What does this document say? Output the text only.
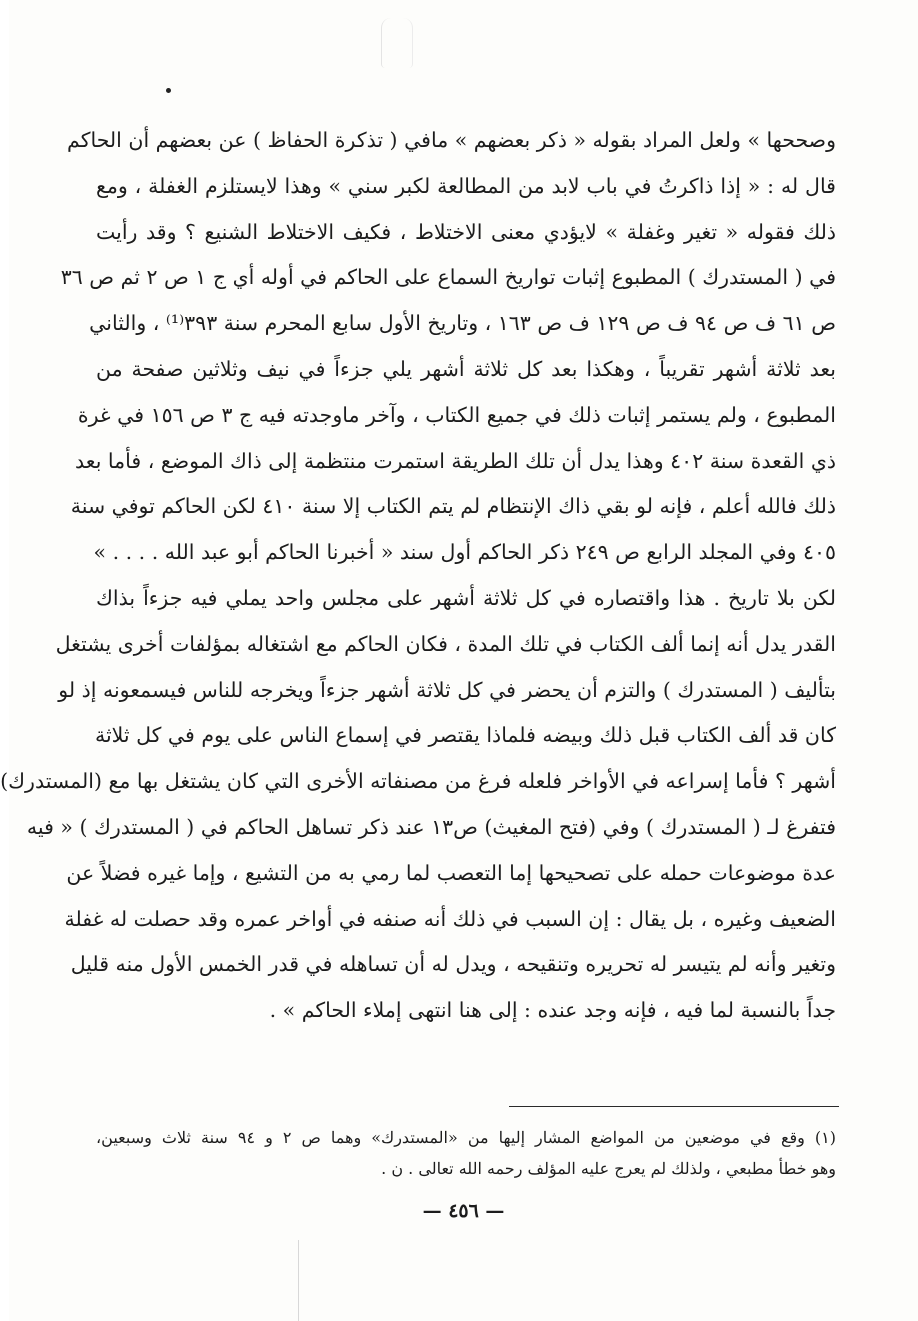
وصححها » ولعل المراد بقوله « ذكر بعضهم » مافي ( تذكرة الحفاظ ) عن بعضهم أن الحاكم
قال له : « إذا ذاكرتُ في باب لابد من المطالعة لكبر سني » وهذا لايستلزم الغفلة ، ومع
ذلك فقوله « تغير وغفلة » لايؤدي معنى الاختلاط ، فكيف الاختلاط الشنيع ؟ وقد رأيت
في ( المستدرك ) المطبوع إثبات تواريخ السماع على الحاكم في أوله أي ج ١ ص ٢ ثم ص ٣٦
ص ٦١ ف ص ٩٤ ف ص ١٢٩ ف ص ١٦٣ ، وتاريخ الأول سابع المحرم سنة ٣٩٣⁽¹⁾ ، والثاني
بعد ثلاثة أشهر تقريباً ، وهكذا بعد كل ثلاثة أشهر يلي جزءاً في نيف وثلاثين صفحة من
المطبوع ، ولم يستمر إثبات ذلك في جميع الكتاب ، وآخر ماوجدته فيه ج ٣ ص ١٥٦ في غرة
ذي القعدة سنة ٤٠٢ وهذا يدل أن تلك الطريقة استمرت منتظمة إلى ذاك الموضع ، فأما بعد
ذلك فالله أعلم ، فإنه لو بقي ذاك الإنتظام لم يتم الكتاب إلا سنة ٤١٠ لكن الحاكم توفي سنة
٤٠٥ وفي المجلد الرابع ص ٢٤٩ ذكر الحاكم أول سند « أخبرنا الحاكم أبو عبد الله . . . . »
لكن بلا تاريخ . هذا واقتصاره في كل ثلاثة أشهر على مجلس واحد يملي فيه جزءاً بذاك
القدر يدل أنه إنما ألف الكتاب في تلك المدة ، فكان الحاكم مع اشتغاله بمؤلفات أخرى يشتغل
بتأليف ( المستدرك ) والتزم أن يحضر في كل ثلاثة أشهر جزءاً ويخرجه للناس فيسمعونه إذ لو
كان قد ألف الكتاب قبل ذلك وبيضه فلماذا يقتصر في إسماع الناس على يوم في كل ثلاثة
أشهر ؟ فأما إسراعه في الأواخر فلعله فرغ من مصنفاته الأخرى التي كان يشتغل بها مع (المستدرك)
فتفرغ لـ ( المستدرك ) وفي (فتح المغيث) ص١٣ عند ذكر تساهل الحاكم في ( المستدرك ) « فيه
عدة موضوعات حمله على تصحيحها إما التعصب لما رمي به من التشيع ، وإما غيره فضلاً عن
الضعيف وغيره ، بل يقال : إن السبب في ذلك أنه صنفه في أواخر عمره وقد حصلت له غفلة
وتغير وأنه لم يتيسر له تحريره وتنقيحه ، ويدل له أن تساهله في قدر الخمس الأول منه قليل
جداً بالنسبة لما فيه ، فإنه وجد عنده : إلى هنا انتهى إملاء الحاكم » .
(١) وقع في موضعين من المواضع المشار إليها من «المستدرك» وهما ص ٢ و ٩٤ سنة ثلاث وسبعين،
وهو خطأ مطبعي ، ولذلك لم يعرج عليه المؤلف رحمه الله تعالى . ن .
— ٤٥٦ —
